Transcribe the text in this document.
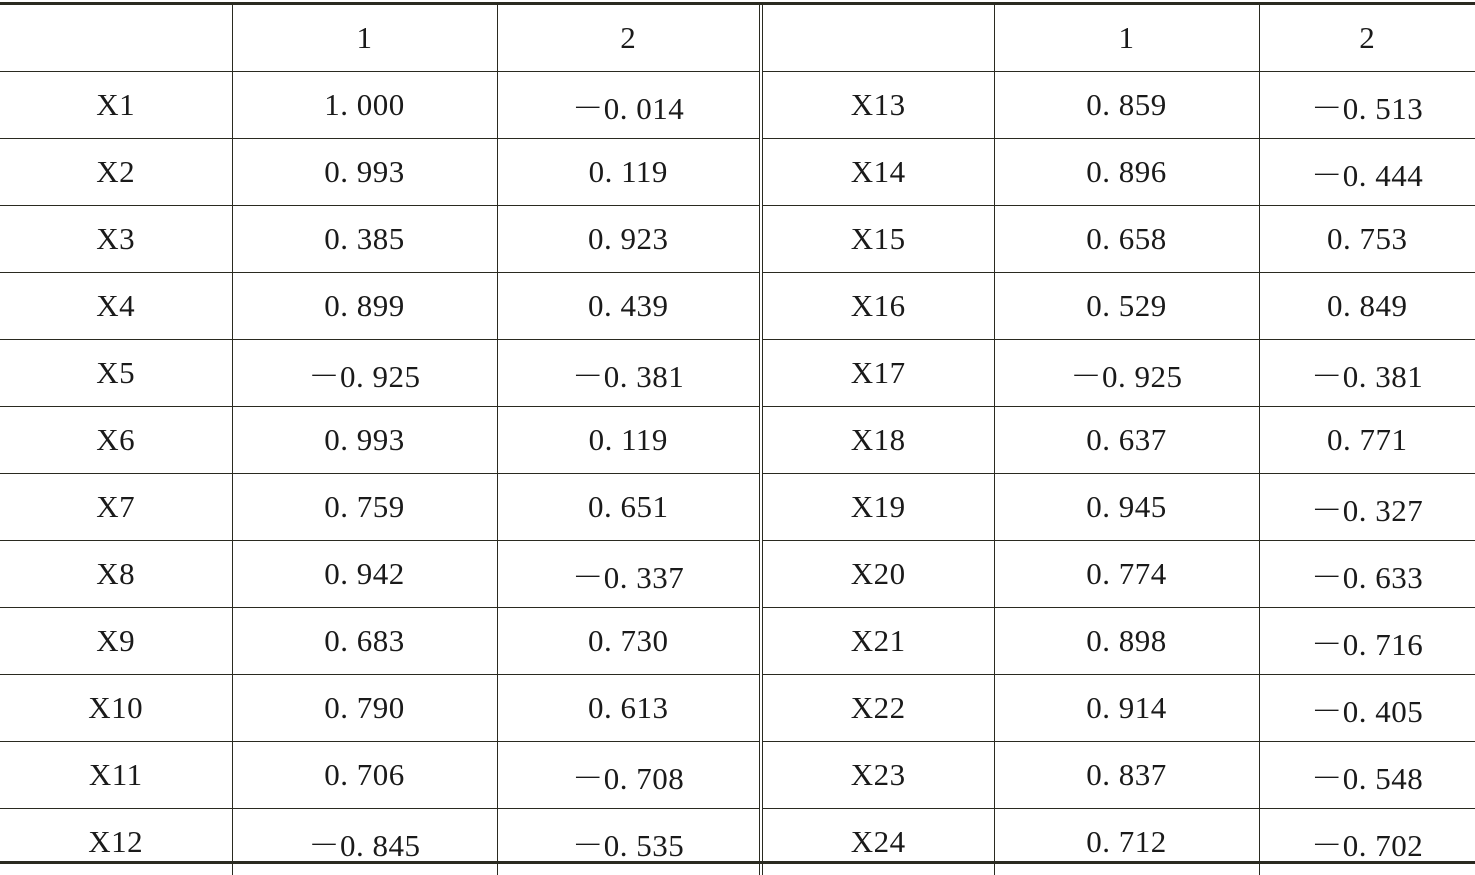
	1	2		1	2
X1	1. 000	－0. 014	X13	0. 859	－0. 513
X2	0. 993	0. 119	X14	0. 896	－0. 444
X3	0. 385	0. 923	X15	0. 658	0. 753
X4	0. 899	0. 439	X16	0. 529	0. 849
X5	－0. 925	－0. 381	X17	－0. 925	－0. 381
X6	0. 993	0. 119	X18	0. 637	0. 771
X7	0. 759	0. 651	X19	0. 945	－0. 327
X8	0. 942	－0. 337	X20	0. 774	－0. 633
X9	0. 683	0. 730	X21	0. 898	－0. 716
X10	0. 790	0. 613	X22	0. 914	－0. 405
X11	0. 706	－0. 708	X23	0. 837	－0. 548
X12	－0. 845	－0. 535	X24	0. 712	－0. 702
